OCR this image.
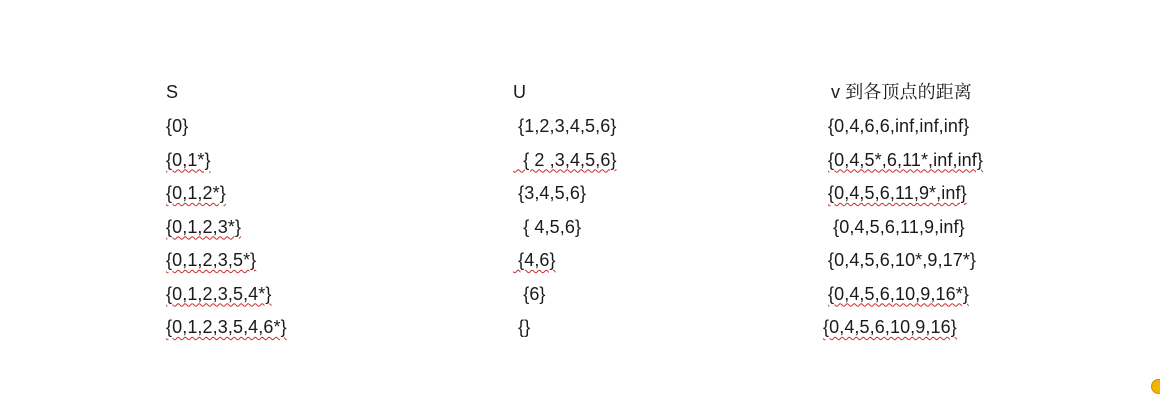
S
{0}
{0,1*}
{0,1,2*}
{0,1,2,3*}
{0,1,2,3,5*}
{0,1,2,3,5,4*}
{0,1,2,3,5,4,6*}
U
{1,2,3,4,5,6}
{ 2 ,3,4,5,6}
{3,4,5,6}
{ 4,5,6}
{4,6}
{6}
{}
v 到各顶点的距离
{0,4,6,6,inf,inf,inf}
{0,4,5*,6,11*,inf,inf}
{0,4,5,6,11,9*,inf}
{0,4,5,6,11,9,inf}
{0,4,5,6,10*,9,17*}
{0,4,5,6,10,9,16*}
{0,4,5,6,10,9,16}
